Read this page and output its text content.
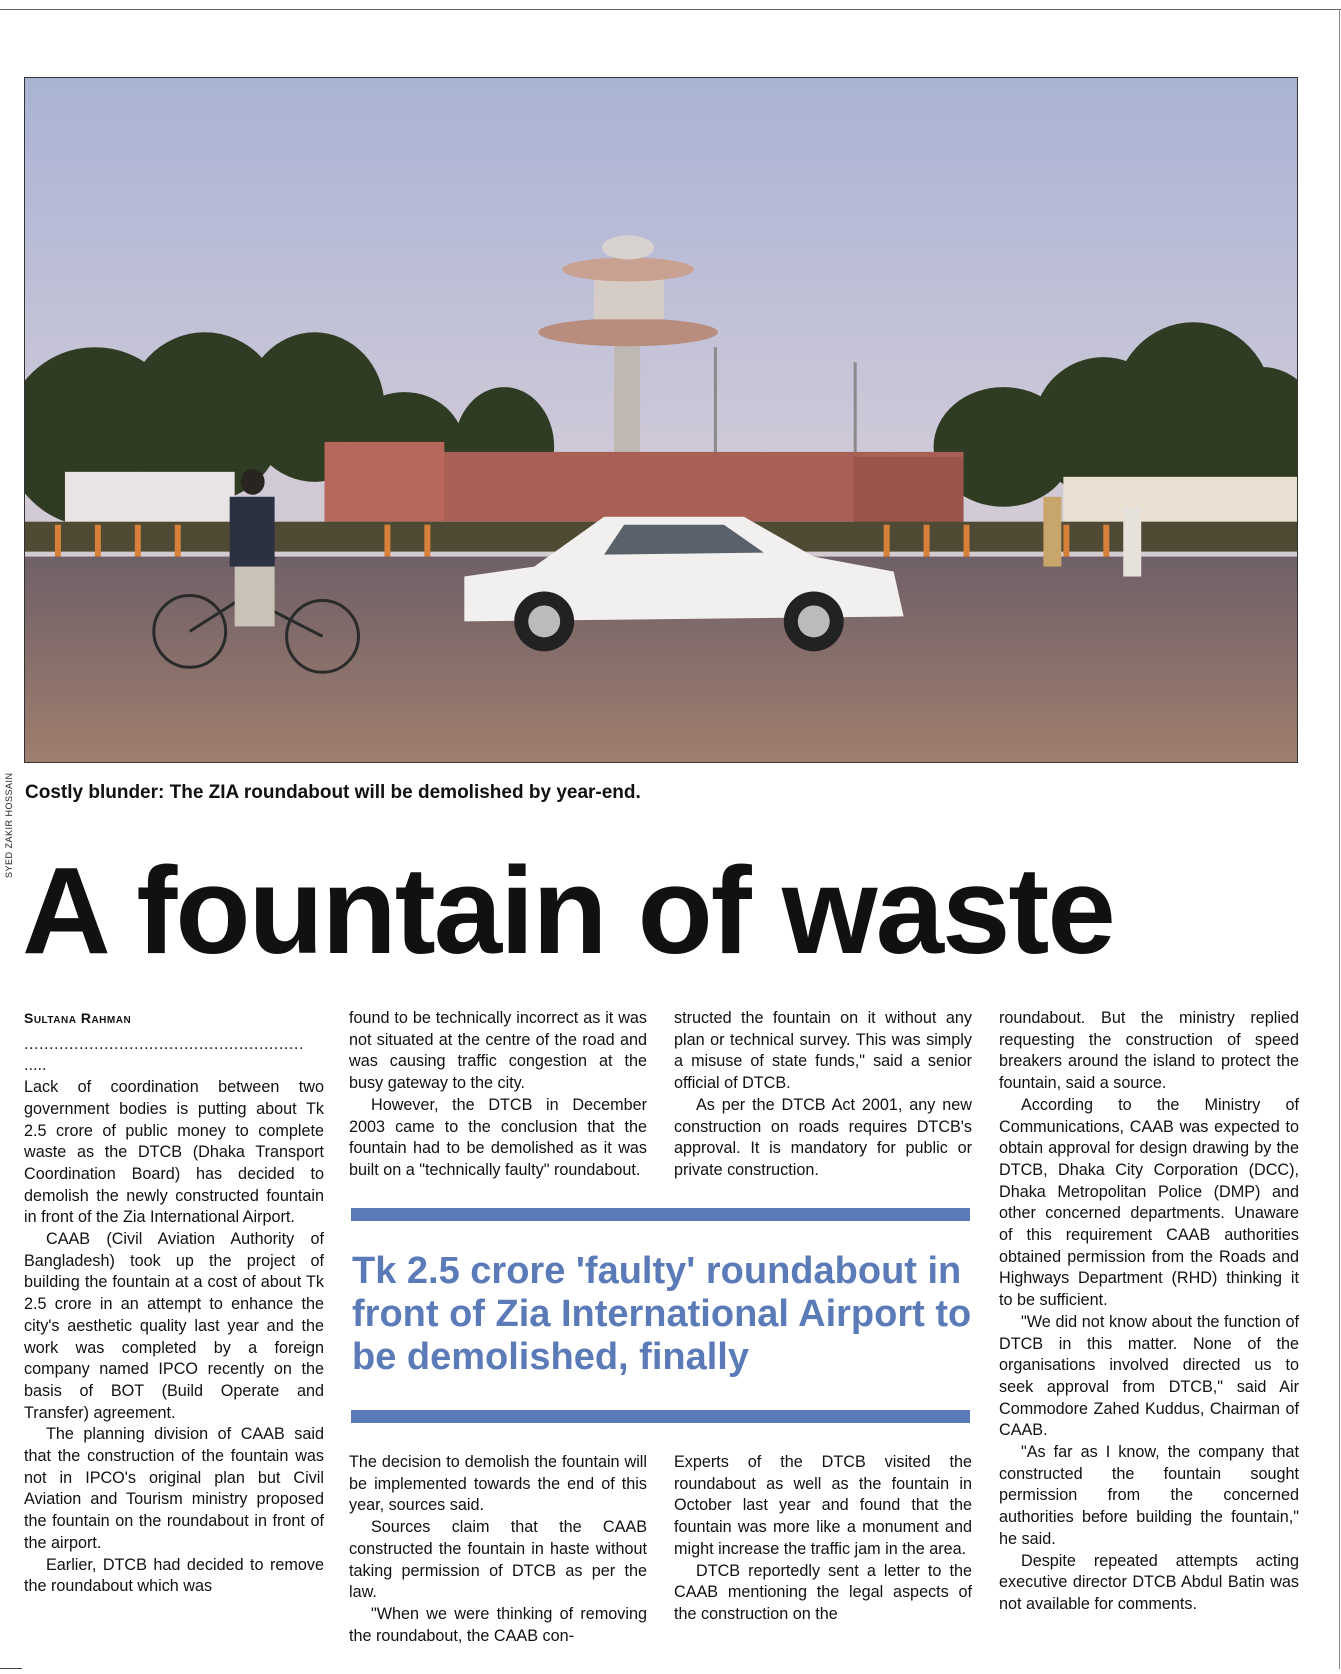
SYED ZAKIR HOSSAIN Costly blunder: The ZIA roundabout will be demolished by year-end.
A fountain of waste
Sultana Rahman
........................................................
.....

Lack of coordination between two government bodies is putting about Tk 2.5 crore of public money to complete waste as the DTCB (Dhaka Transport Coordination Board) has decided to demolish the newly constructed fountain in front of the Zia International Airport.

CAAB (Civil Aviation Authority of Bangladesh) took up the project of building the fountain at a cost of about Tk 2.5 crore in an attempt to enhance the city's aesthetic quality last year and the work was completed by a foreign company named IPCO recently on the basis of BOT (Build Operate and Transfer) agreement.

The planning division of CAAB said that the construction of the fountain was not in IPCO's original plan but Civil Aviation and Tourism ministry proposed the fountain on the roundabout in front of the airport.

Earlier, DTCB had decided to remove the roundabout which was

found to be technically incorrect as it was not situated at the centre of the road and was causing traffic congestion at the busy gateway to the city.

However, the DTCB in December 2003 came to the conclusion that the fountain had to be demolished as it was built on a "technically faulty" roundabout.

structed the fountain on it without any plan or technical survey. This was simply a misuse of state funds," said a senior official of DTCB.

As per the DTCB Act 2001, any new construction on roads requires DTCB's approval. It is mandatory for public or private construction.

Tk 2.5 crore 'faulty' roundabout in front of Zia International Airport to be demolished, finally

The decision to demolish the fountain will be implemented towards the end of this year, sources said.

Sources claim that the CAAB constructed the fountain in haste without taking permission of DTCB as per the law.

"When we were thinking of removing the roundabout, the CAAB con-

Experts of the DTCB visited the roundabout as well as the fountain in October last year and found that the fountain was more like a monument and might increase the traffic jam in the area.

DTCB reportedly sent a letter to the CAAB mentioning the legal aspects of the construction on the

roundabout. But the ministry replied requesting the construction of speed breakers around the island to protect the fountain, said a source.

According to the Ministry of Communications, CAAB was expected to obtain approval for design drawing by the DTCB, Dhaka City Corporation (DCC), Dhaka Metropolitan Police (DMP) and other concerned departments. Unaware of this requirement CAAB authorities obtained permission from the Roads and Highways Department (RHD) thinking it to be sufficient.

"We did not know about the function of DTCB in this matter. None of the organisations involved directed us to seek approval from DTCB," said Air Commodore Zahed Kuddus, Chairman of CAAB.

"As far as I know, the company that constructed the fountain sought permission from the concerned authorities before building the fountain," he said.

Despite repeated attempts acting executive director DTCB Abdul Batin was not available for comments.
